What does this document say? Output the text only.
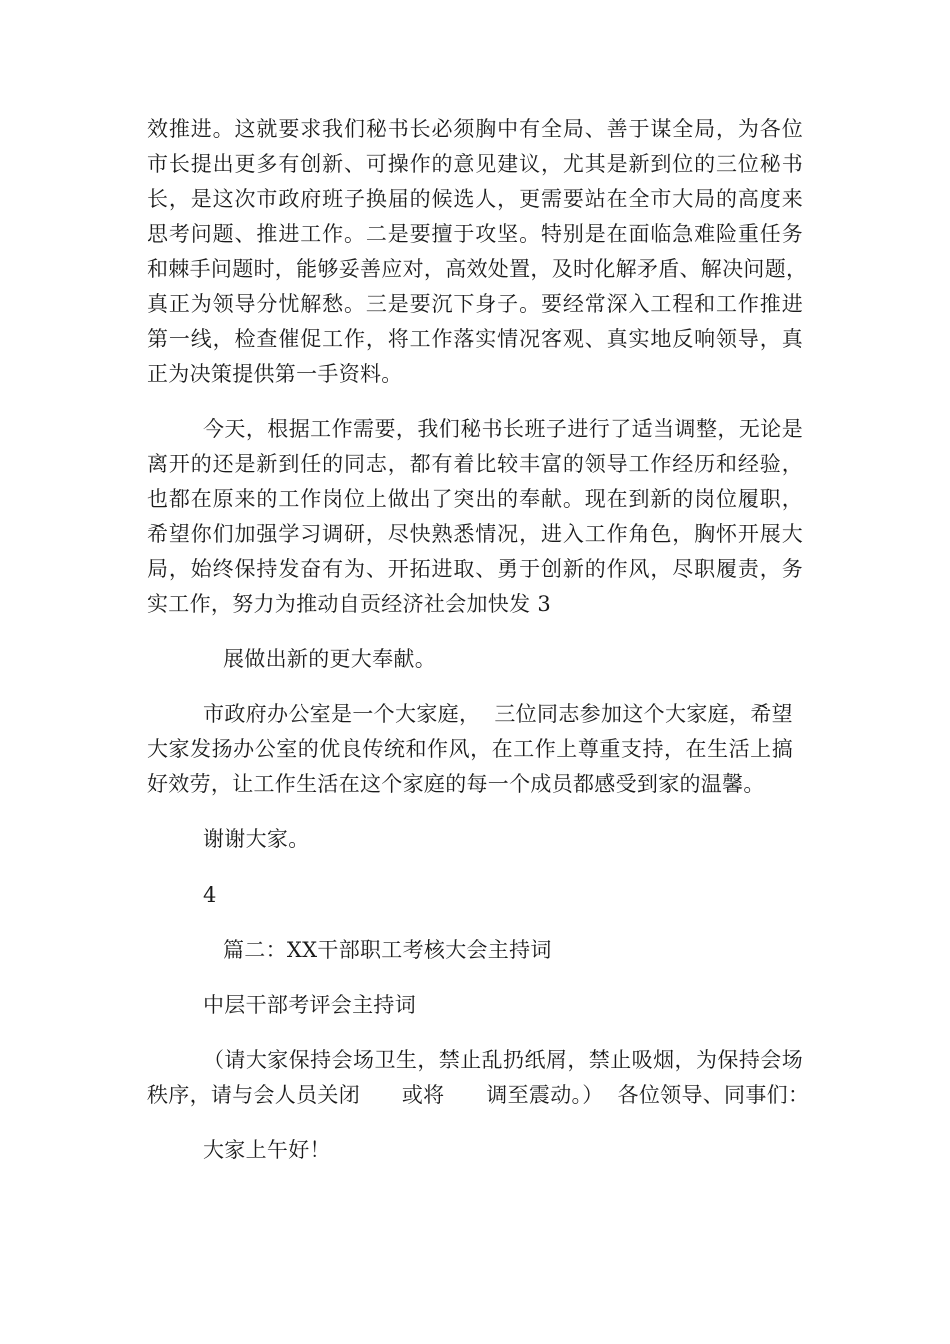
效推进。这就要求我们秘书长必须胸中有全局、善于谋全局，为各位
市长提出更多有创新、可操作的意见建议，尤其是新到位的三位秘书
长，是这次市政府班子换届的候选人，更需要站在全市大局的高度来
思考问题、推进工作。二是要擅于攻坚。特别是在面临急难险重任务
和棘手问题时，能够妥善应对，高效处置，及时化解矛盾、解决问题，
真正为领导分忧解愁。三是要沉下身子。要经常深入工程和工作推进
第一线，检查催促工作，将工作落实情况客观、真实地反响领导，真
正为决策提供第一手资料。
今天，根据工作需要，我们秘书长班子进行了适当调整，无论是
离开的还是新到任的同志，都有着比较丰富的领导工作经历和经验，
也都在原来的工作岗位上做出了突出的奉献。现在到新的岗位履职，
希望你们加强学习调研，尽快熟悉情况，进入工作角色，胸怀开展大
局，始终保持发奋有为、开拓进取、勇于创新的作风，尽职履责，务
实工作，努力为推动自贡经济社会加快发 3
展做出新的更大奉献。
市政府办公室是一个大家庭，  三位同志参加这个大家庭，希望
大家发扬办公室的优良传统和作风，在工作上尊重支持，在生活上搞
好效劳，让工作生活在这个家庭的每一个成员都感受到家的温馨。
谢谢大家。
4
篇二：XX干部职工考核大会主持词
中层干部考评会主持词
（请大家保持会场卫生，禁止乱扔纸屑，禁止吸烟，为保持会场
秩序，请与会人员关闭      或将      调至震动。）  各位领导、同事们：
大家上午好！
